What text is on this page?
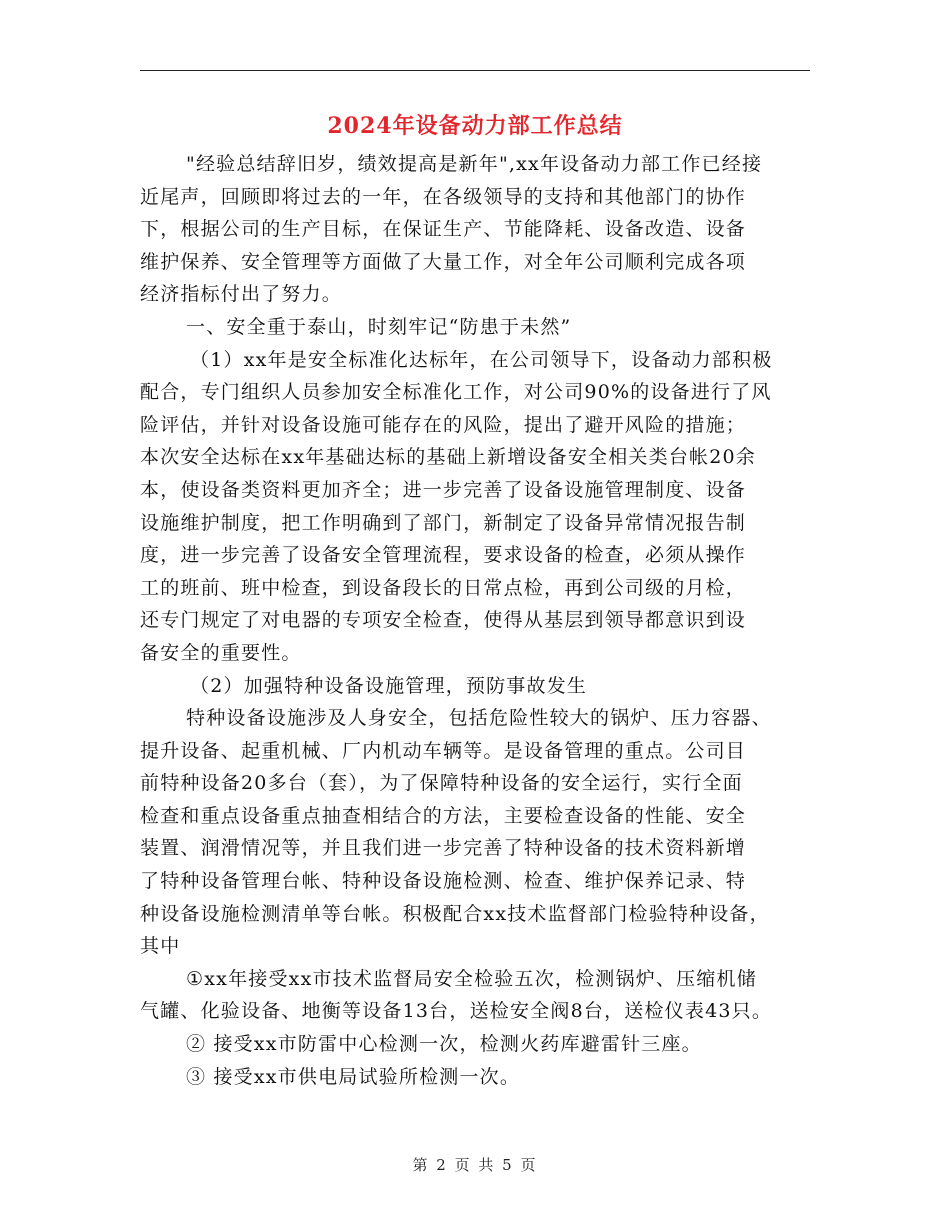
2024年设备动力部工作总结
"经验总结辞旧岁，绩效提高是新年",xx年设备动力部工作已经接
近尾声，回顾即将过去的一年，在各级领导的支持和其他部门的协作
下，根据公司的生产目标，在保证生产、节能降耗、设备改造、设备
维护保养、安全管理等方面做了大量工作，对全年公司顺利完成各项
经济指标付出了努力。
一、安全重于泰山，时刻牢记“防患于未然”
（1）xx年是安全标准化达标年，在公司领导下，设备动力部积极
配合，专门组织人员参加安全标准化工作，对公司90%的设备进行了风
险评估，并针对设备设施可能存在的风险，提出了避开风险的措施；
本次安全达标在xx年基础达标的基础上新增设备安全相关类台帐20余
本，使设备类资料更加齐全；进一步完善了设备设施管理制度、设备
设施维护制度，把工作明确到了部门，新制定了设备异常情况报告制
度，进一步完善了设备安全管理流程，要求设备的检查，必须从操作
工的班前、班中检查，到设备段长的日常点检，再到公司级的月检，
还专门规定了对电器的专项安全检查，使得从基层到领导都意识到设
备安全的重要性。
（2）加强特种设备设施管理，预防事故发生
特种设备设施涉及人身安全，包括危险性较大的锅炉、压力容器、
提升设备、起重机械、厂内机动车辆等。是设备管理的重点。公司目
前特种设备20多台（套），为了保障特种设备的安全运行，实行全面
检查和重点设备重点抽查相结合的方法，主要检查设备的性能、安全
装置、润滑情况等，并且我们进一步完善了特种设备的技术资料新增
了特种设备管理台帐、特种设备设施检测、检查、维护保养记录、特
种设备设施检测清单等台帐。积极配合xx技术监督部门检验特种设备，
其中
①xx年接受xx市技术监督局安全检验五次，检测锅炉、压缩机储
气罐、化验设备、地衡等设备13台，送检安全阀8台，送检仪表43只。
② 接受xx市防雷中心检测一次，检测火药库避雷针三座。
③ 接受xx市供电局试验所检测一次。
第 2 页 共 5 页
